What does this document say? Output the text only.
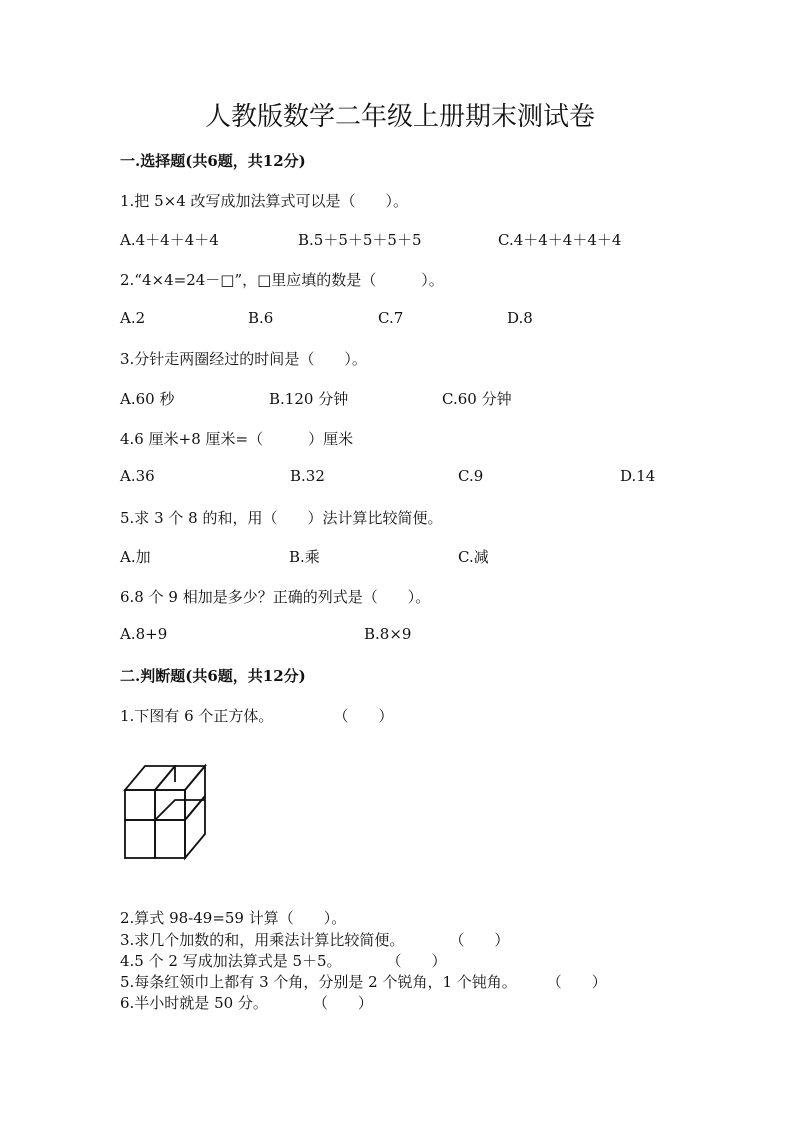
人教版数学二年级上册期末测试卷
一.选择题(共6题，共12分)
1.把 5×4 改写成加法算式可以是（　　）。
A.4＋4＋4＋4	B.5＋5＋5＋5＋5	C.4＋4＋4＋4＋4
2.“4×4=24－□”，□里应填的数是（　　　）。
A.2	B.6	C.7	D.8
3.分针走两圈经过的时间是（　　）。
A.60 秒	B.120 分钟	C.60 分钟
4.6 厘米+8 厘米=（　　　）厘米
A.36	B.32	C.9	D.14
5.求 3 个 8 的和，用（　　）法计算比较简便。
A.加	B.乘	C.减
6.8 个 9 相加是多少？正确的列式是（　　）。
A.8+9	B.8×9
二.判断题(共6题，共12分)
1.下图有 6 个正方体。　　　　　（　　）
2.算式 98-49=59 计算（　　）。
3.求几个加数的和，用乘法计算比较简便。　　　　（　　）
4.5 个 2 写成加法算式是 5＋5。　　　　（　　）
5.每条红领巾上都有 3 个角，分别是 2 个锐角，1 个钝角。　　　（　　）
6.半小时就是 50 分。　　　　（　　）
